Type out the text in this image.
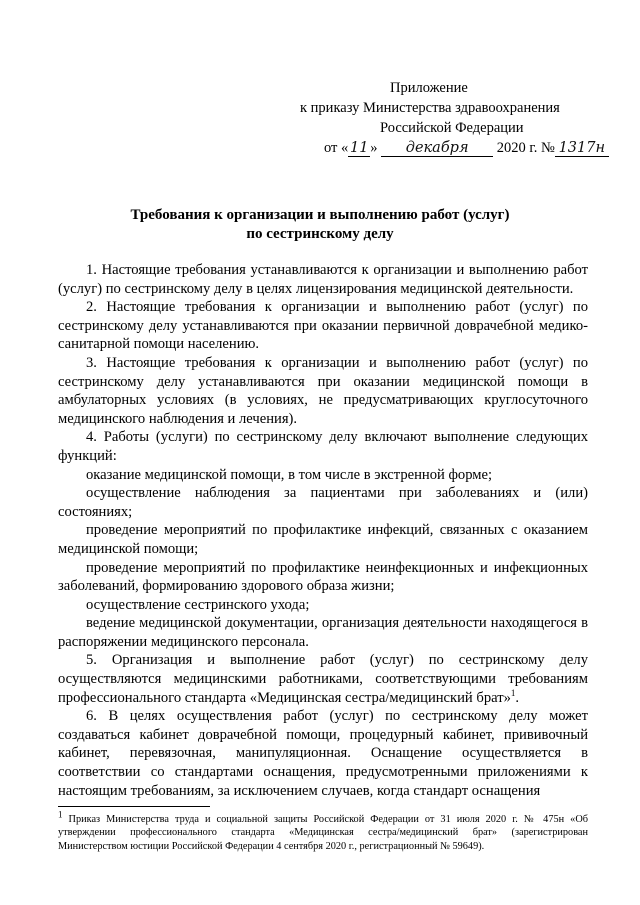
Приложение
к приказу Министерства здравоохранения
Российской Федерации
от « 11 » декабря 2020 г. № 1317н
Требования к организации и выполнению работ (услуг)
по сестринскому делу

1. Настоящие требования устанавливаются к организации и выполнению работ (услуг) по сестринскому делу в целях лицензирования медицинской деятельности.

2. Настоящие требования к организации и выполнению работ (услуг) по сестринскому делу устанавливаются при оказании первичной доврачебной медико-санитарной помощи населению.

3. Настоящие требования к организации и выполнению работ (услуг) по сестринскому делу устанавливаются при оказании медицинской помощи в амбулаторных условиях (в условиях, не предусматривающих круглосуточного медицинского наблюдения и лечения).

4. Работы (услуги) по сестринскому делу включают выполнение следующих функций:

оказание медицинской помощи, в том числе в экстренной форме;

осуществление наблюдения за пациентами при заболеваниях и (или) состояниях;

проведение мероприятий по профилактике инфекций, связанных с оказанием медицинской помощи;

проведение мероприятий по профилактике неинфекционных и инфекционных заболеваний, формированию здорового образа жизни;

осуществление сестринского ухода;

ведение медицинской документации, организация деятельности находящегося в распоряжении медицинского персонала.

5. Организация и выполнение работ (услуг) по сестринскому делу осуществляются медицинскими работниками, соответствующими требованиям профессионального стандарта «Медицинская сестра/медицинский брат»$^1$.

6. В целях осуществления работ (услуг) по сестринскому делу может создаваться кабинет доврачебной помощи, процедурный кабинет, прививочный кабинет, перевязочная, манипуляционная. Оснащение осуществляется в соответствии со стандартами оснащения, предусмотренными приложениями к настоящим требованиям, за исключением случаев, когда стандарт оснащения

1 Приказ Министерства труда и социальной защиты Российской Федерации от 31 июля 2020 г. № 475н «Об утверждении профессионального стандарта «Медицинская сестра/медицинский брат» (зарегистрирован Министерством юстиции Российской Федерации 4 сентября 2020 г., регистрационный № 59649).
